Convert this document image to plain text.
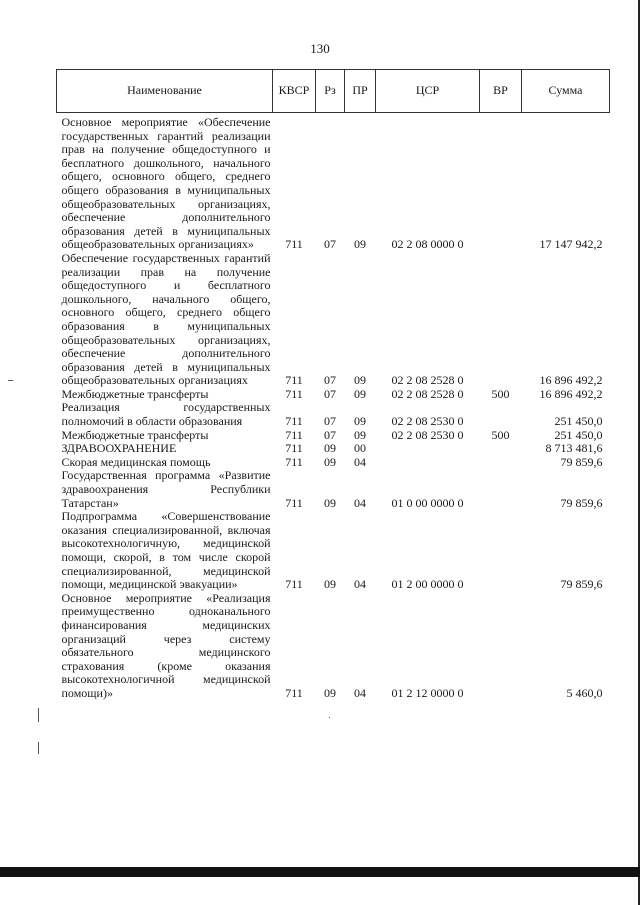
130
Наименование	КВСР	Рз	ПР	ЦСР	ВР	Сумма
Основное мероприятие «Обеспечение государственных гарантий реализации прав на получение общедоступного и бесплатного дошкольного, начального общего, основного общего, среднего общего образования в муниципальных общеобразовательных организациях, обеспечение дополнительного образования детей в муниципальных общеобразовательных организациях»	711	07	09	02 2 08 0000 0		17 147 942,2
Обеспечение государственных гарантий реализации прав на получение общедоступного и бесплатного дошкольного, начального общего, основного общего, среднего общего образования в муниципальных общеобразовательных организациях, обеспечение дополнительного образования детей в муниципальных общеобразовательных организациях	711	07	09	02 2 08 2528 0		16 896 492,2
Межбюджетные трансферты	711	07	09	02 2 08 2528 0	500	16 896 492,2
Реализация государственных полномочий в области образования	711	07	09	02 2 08 2530 0		251 450,0
Межбюджетные трансферты	711	07	09	02 2 08 2530 0	500	251 450,0
ЗДРАВООХРАНЕНИЕ	711	09	00			8 713 481,6
Скорая медицинская помощь	711	09	04			79 859,6
Государственная программа «Развитие здравоохранения Республики Татарстан»	711	09	04	01 0 00 0000 0		79 859,6
Подпрограмма «Совершенствование оказания специализированной, включая высокотехнологичную, медицинской помощи, скорой, в том числе скорой специализированной, медицинской помощи, медицинской эвакуации»	711	09	04	01 2 00 0000 0		79 859,6
Основное мероприятие «Реализация преимущественно одноканального финансирования медицинских организаций через систему обязательного медицинского страхования (кроме оказания высокотехнологичной медицинской помощи)»	711	09	04	01 2 12 0000 0		5 460,0
